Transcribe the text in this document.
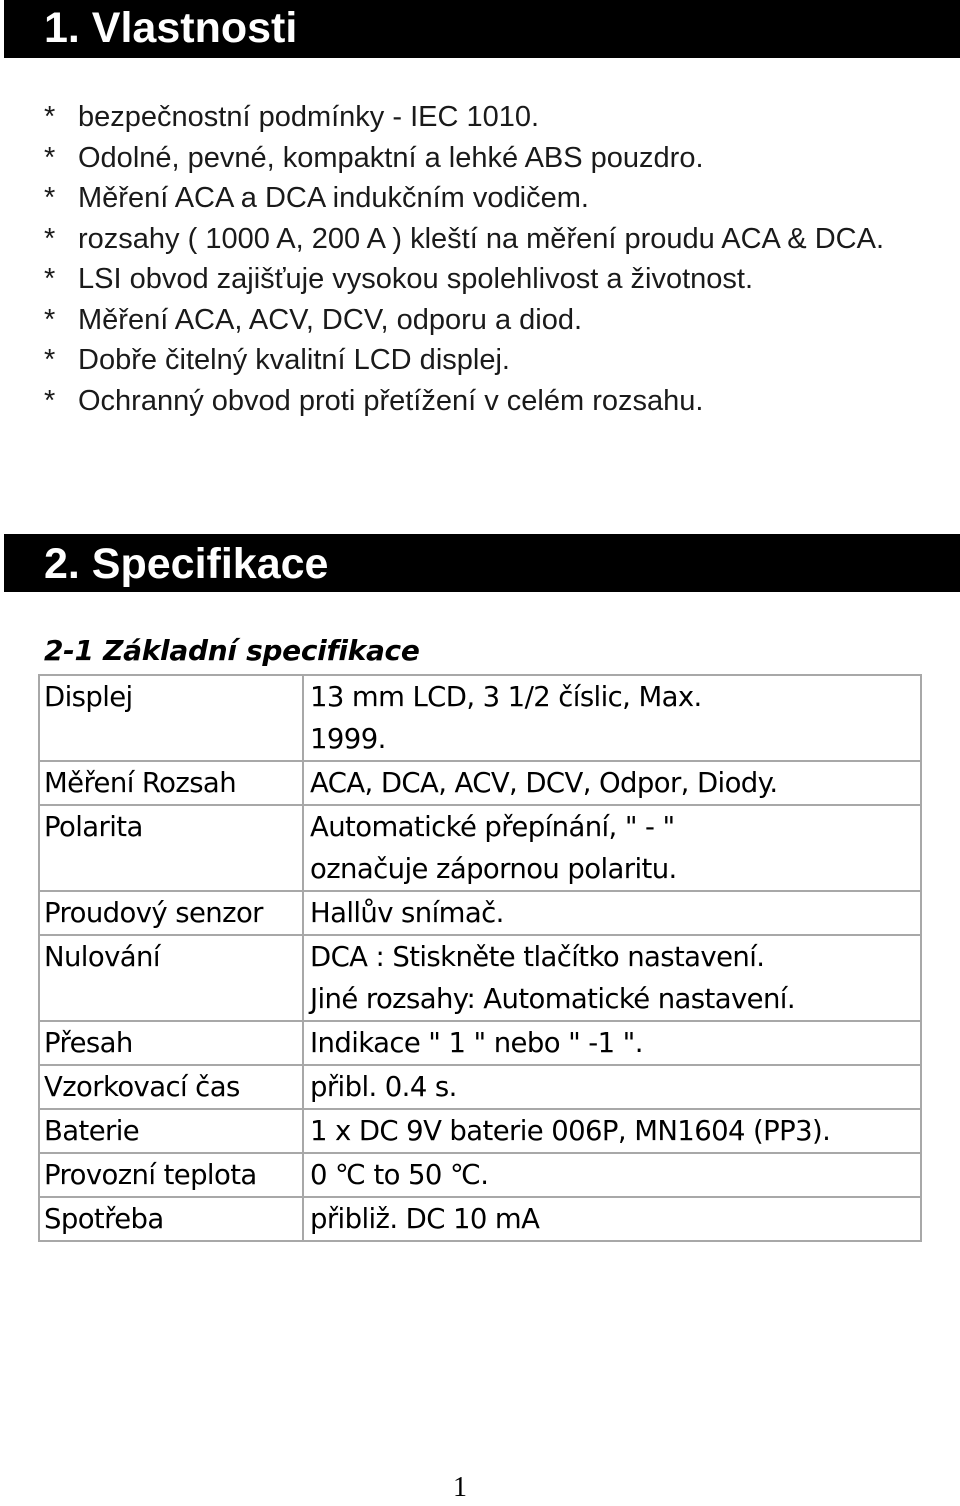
1. Vlastnosti
* bezpečnostní podmínky - IEC 1010.
* Odolné, pevné, kompaktní a lehké ABS pouzdro.
* Měření ACA a DCA indukčním vodičem.
* rozsahy ( 1000 A, 200 A ) kleští na měření proudu ACA & DCA.
* LSI obvod zajišťuje vysokou spolehlivost a životnost.
* Měření ACA, ACV, DCV, odporu a diod.
* Dobře čitelný kvalitní LCD displej.
* Ochranný obvod proti přetížení v celém rozsahu.
2. Specifikace
2-1 Základní specifikace
Displej	13 mm LCD, 3 1/2 číslic, Max.
1999.

Měření Rozsah	ACA, DCA, ACV, DCV, Odpor, Diody.

Polarita	Automatické přepínání, " - "
označuje zápornou polaritu.

Proudový senzor	Hallův snímač.

Nulování	DCA : Stiskněte tlačítko nastavení.
Jiné rozsahy: Automatické nastavení.

Přesah	Indikace " 1 " nebo " -1 ".

Vzorkovací čas	přibl. 0.4 s.

Baterie	1 x DC 9V baterie 006P, MN1604 (PP3).

Provozní teplota	0 ℃ to 50 ℃.

Spotřeba	přibliž. DC 10 mA
1
